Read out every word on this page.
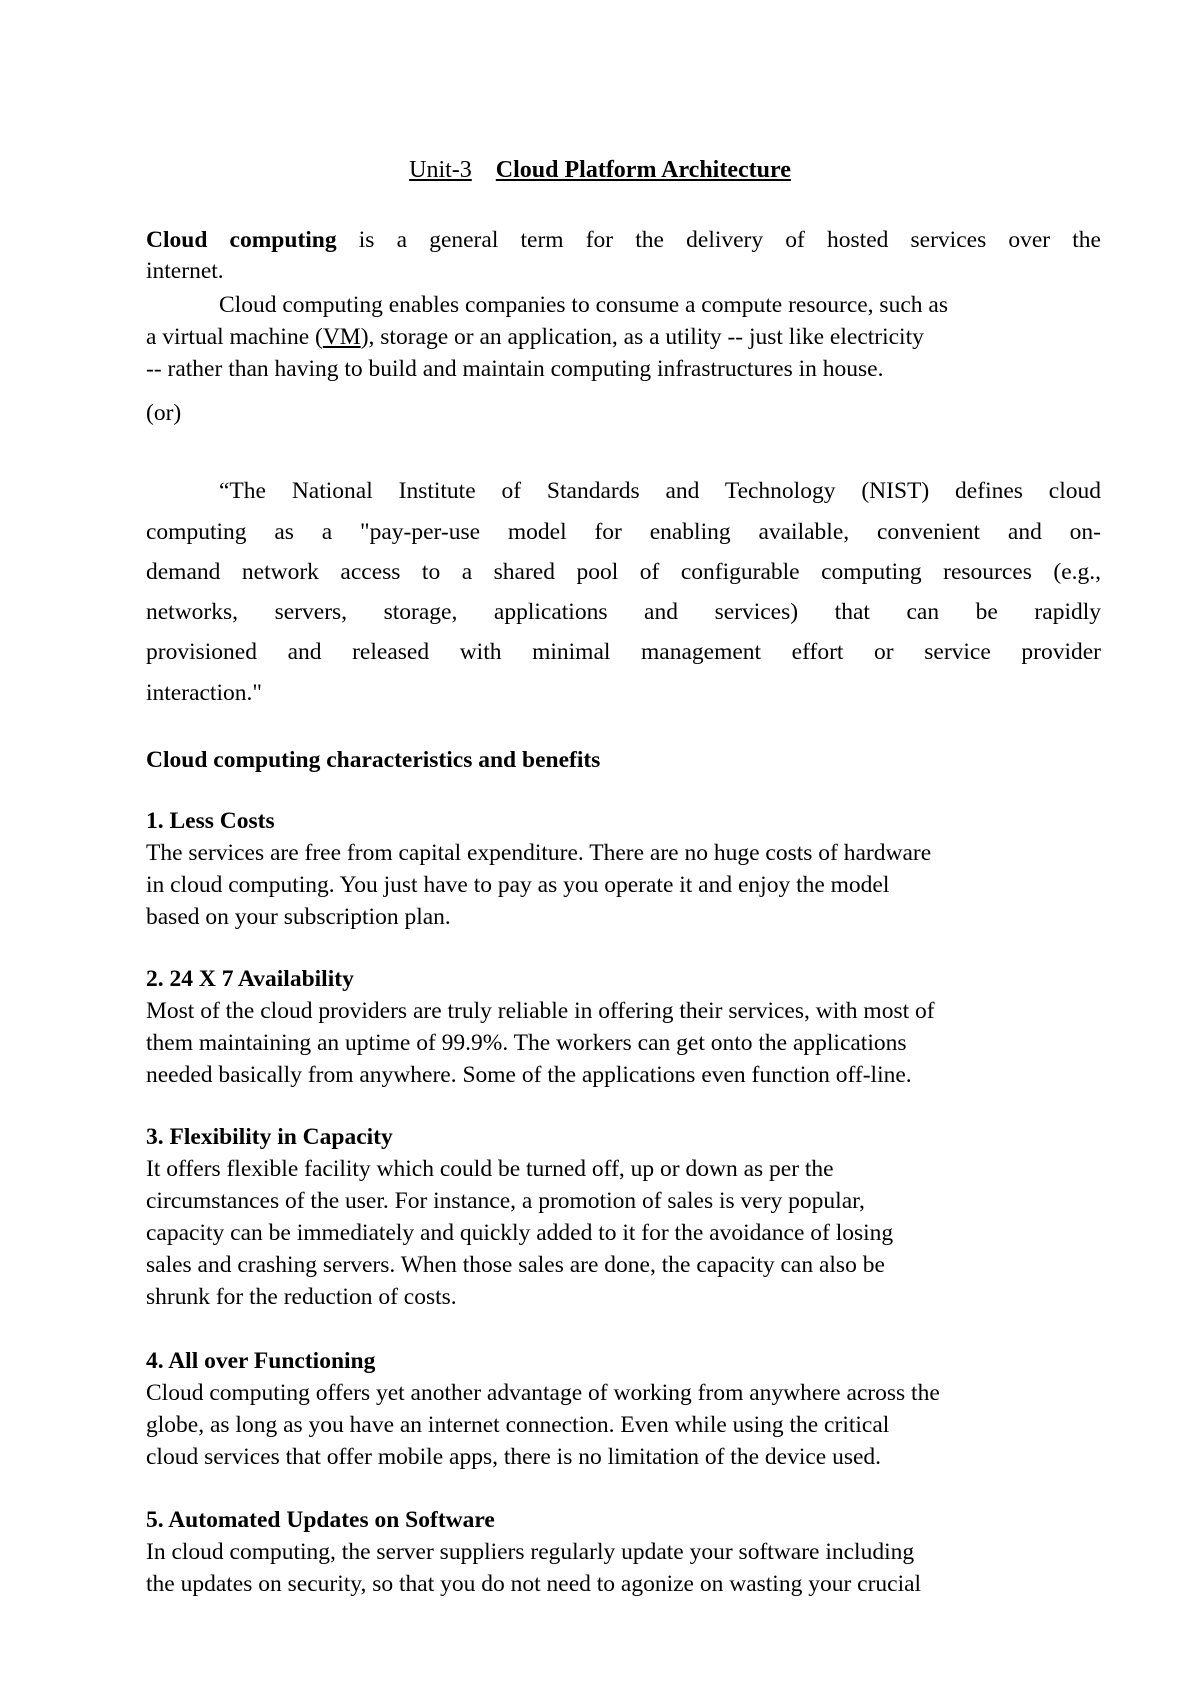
Unit-3 Cloud Platform Architecture
Cloud computing is a general term for the delivery of hosted services over the
internet.
Cloud computing enables companies to consume a compute resource, such as
a virtual machine (VM), storage or an application, as a utility -- just like electricity
-- rather than having to build and maintain computing infrastructures in house.
(or)
“The National Institute of Standards and Technology (NIST) defines cloud
computing as a "pay-per-use model for enabling available, convenient and on-
demand network access to a shared pool of configurable computing resources (e.g.,
networks, servers, storage, applications and services) that can be rapidly
provisioned and released with minimal management effort or service provider
interaction."
Cloud computing characteristics and benefits
1. Less Costs
The services are free from capital expenditure. There are no huge costs of hardware
in cloud computing. You just have to pay as you operate it and enjoy the model
based on your subscription plan.
2. 24 X 7 Availability
Most of the cloud providers are truly reliable in offering their services, with most of
them maintaining an uptime of 99.9%. The workers can get onto the applications
needed basically from anywhere. Some of the applications even function off-line.
3. Flexibility in Capacity
It offers flexible facility which could be turned off, up or down as per the
circumstances of the user. For instance, a promotion of sales is very popular,
capacity can be immediately and quickly added to it for the avoidance of losing
sales and crashing servers. When those sales are done, the capacity can also be
shrunk for the reduction of costs.
4. All over Functioning
Cloud computing offers yet another advantage of working from anywhere across the
globe, as long as you have an internet connection. Even while using the critical
cloud services that offer mobile apps, there is no limitation of the device used.
5. Automated Updates on Software
In cloud computing, the server suppliers regularly update your software including
the updates on security, so that you do not need to agonize on wasting your crucial
